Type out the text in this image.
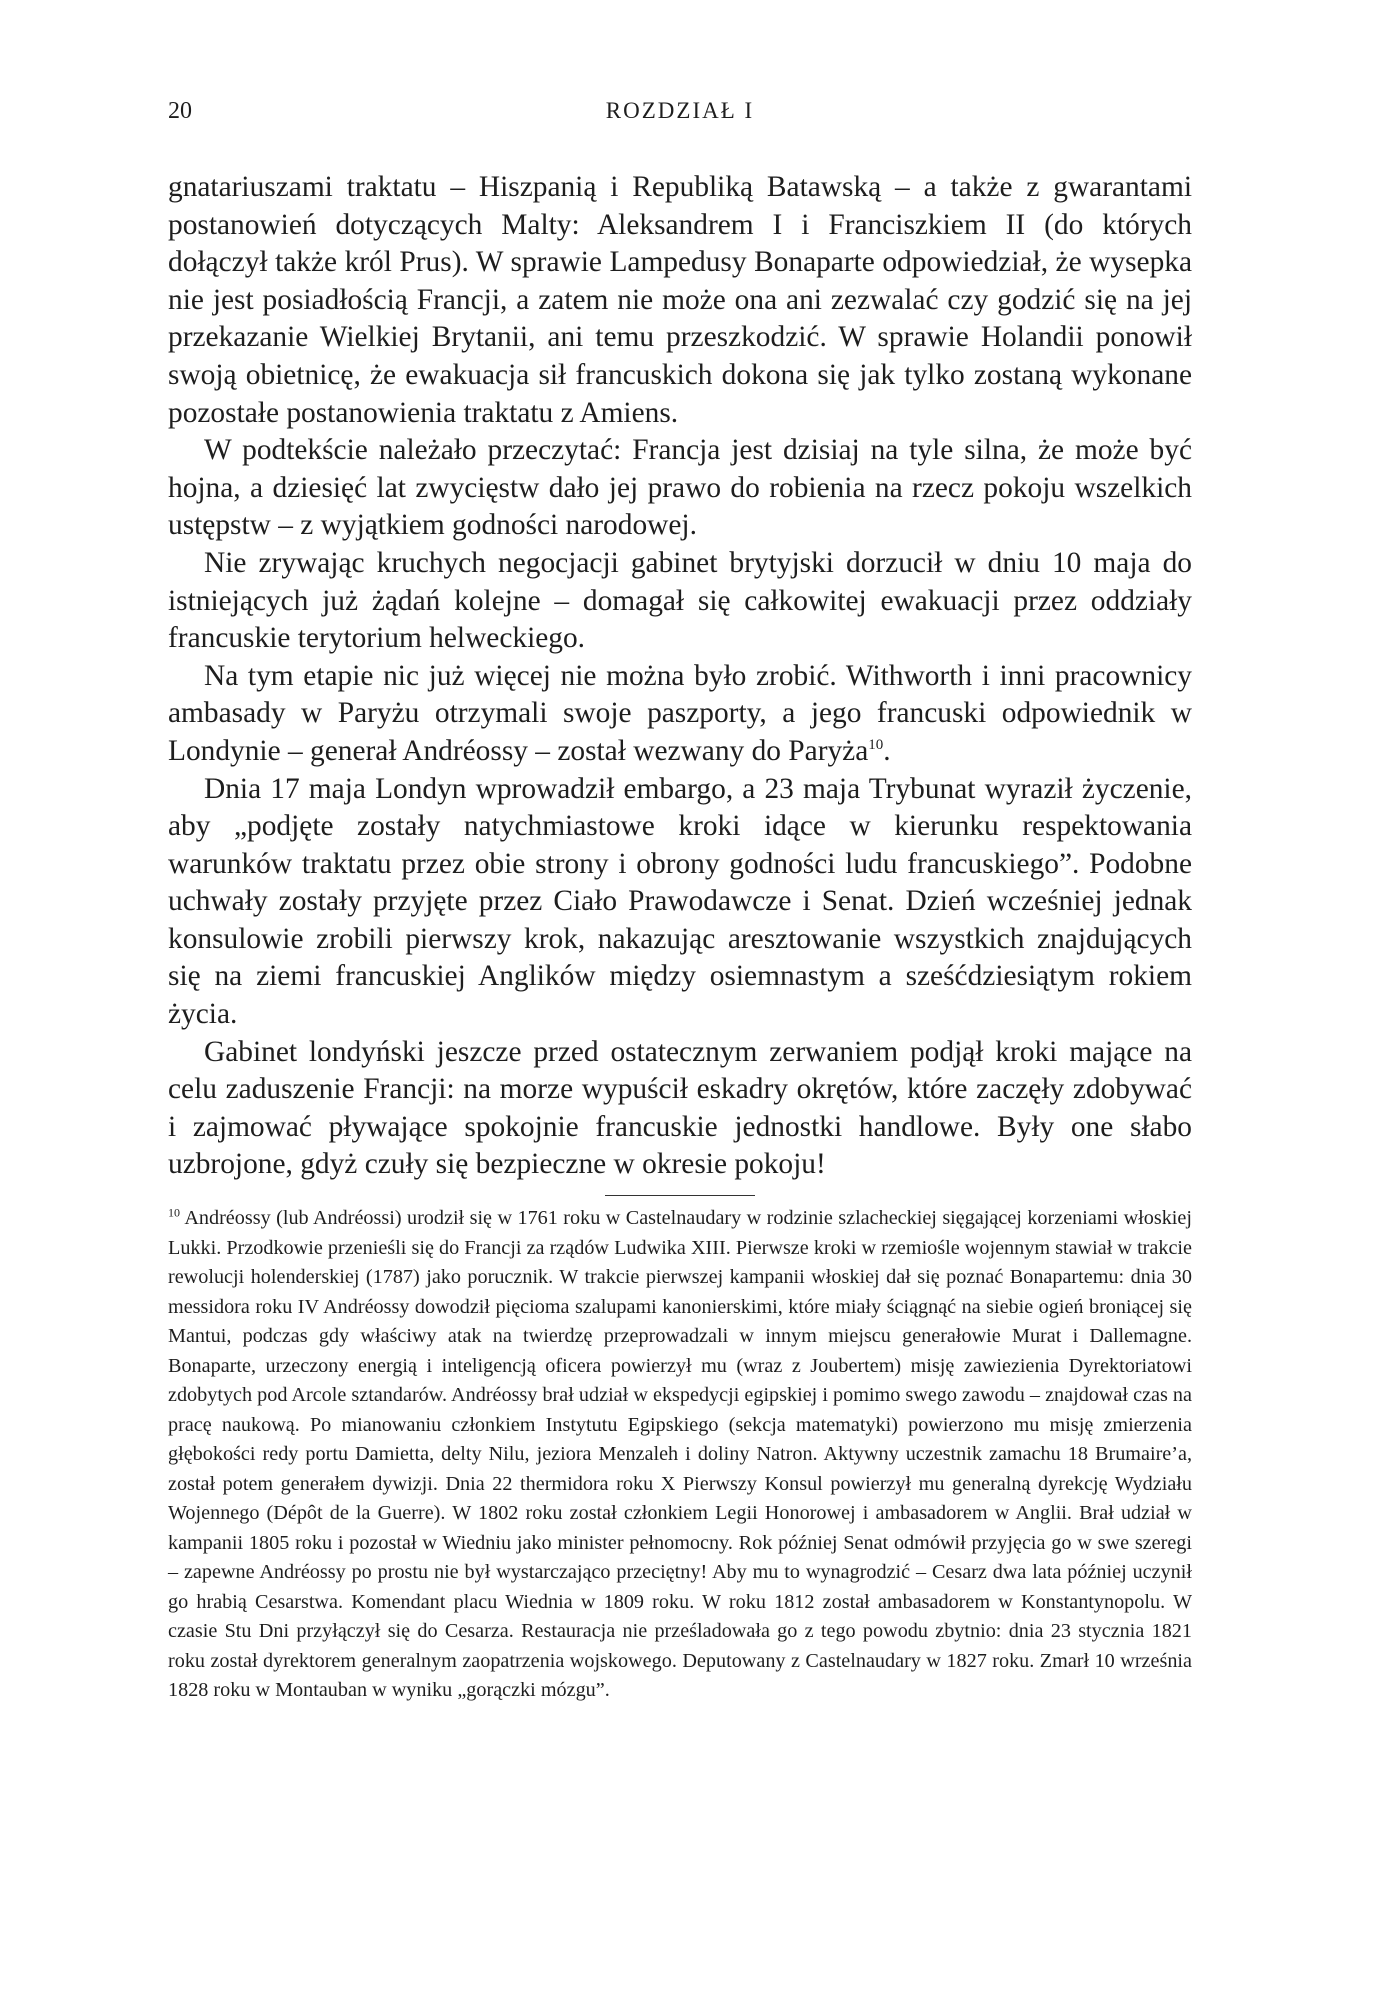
20	ROZDZIAŁ I

gnatariuszami traktatu – Hiszpanią i Republiką Batawską – a także z gwarantami postanowień dotyczących Malty: Aleksandrem I i Franciszkiem II (do których dołączył także król Prus). W sprawie Lampedusy Bonaparte odpowiedział, że wysepka nie jest posiadłością Francji, a zatem nie może ona ani zezwalać czy godzić się na jej przekazanie Wielkiej Brytanii, ani temu przeszkodzić. W sprawie Holandii ponowił swoją obietnicę, że ewakuacja sił francuskich dokona się jak tylko zostaną wykonane pozostałe postanowienia traktatu z Amiens.

W podtekście należało przeczytać: Francja jest dzisiaj na tyle silna, że może być hojna, a dziesięć lat zwycięstw dało jej prawo do robienia na rzecz pokoju wszelkich ustępstw – z wyjątkiem godności narodowej.

Nie zrywając kruchych negocjacji gabinet brytyjski dorzucił w dniu 10 maja do istniejących już żądań kolejne – domagał się całkowitej ewakuacji przez oddziały francuskie terytorium helweckiego.

Na tym etapie nic już więcej nie można było zrobić. Withworth i inni pracownicy ambasady w Paryżu otrzymali swoje paszporty, a jego francuski odpowiednik w Londynie – generał Andréossy – został wezwany do Paryża$^{10}$.

Dnia 17 maja Londyn wprowadził embargo, a 23 maja Trybunat wyraził życzenie, aby „podjęte zostały natychmiastowe kroki idące w kierunku respektowania warunków traktatu przez obie strony i obrony godności ludu francuskiego”. Podobne uchwały zostały przyjęte przez Ciało Prawodawcze i Senat. Dzień wcześniej jednak konsulowie zrobili pierwszy krok, nakazując aresztowanie wszystkich znajdujących się na ziemi francuskiej Anglików między osiemnastym a sześćdziesiątym rokiem życia.

Gabinet londyński jeszcze przed ostatecznym zerwaniem podjął kroki mające na celu zaduszenie Francji: na morze wypuścił eskadry okrętów, które zaczęły zdobywać i zajmować pływające spokojnie francuskie jednostki handlowe. Były one słabo uzbrojone, gdyż czuły się bezpieczne w okresie pokoju!

$^{10}$ Andréossy (lub Andréossi) urodził się w 1761 roku w Castelnaudary w rodzinie szlacheckiej sięgającej korzeniami włoskiej Lukki. Przodkowie przenieśli się do Francji za rządów Ludwika XIII. Pierwsze kroki w rzemiośle wojennym stawiał w trakcie rewolucji holenderskiej (1787) jako porucznik. W trakcie pierwszej kampanii włoskiej dał się poznać Bonapartemu: dnia 30 messidora roku IV Andréossy dowodził pięcioma szalupami kanonierskimi, które miały ściągnąć na siebie ogień broniącej się Mantui, podczas gdy właściwy atak na twierdzę przeprowadzali w innym miejscu generałowie Murat i Dallemagne. Bonaparte, urzeczony energią i inteligencją oficera powierzył mu (wraz z Joubertem) misję zawiezienia Dyrektoriatowi zdobytych pod Arcole sztandarów. Andréossy brał udział w ekspedycji egipskiej i pomimo swego zawodu – znajdował czas na pracę naukową. Po mianowaniu członkiem Instytutu Egipskiego (sekcja matematyki) powierzono mu misję zmierzenia głębokości redy portu Damietta, delty Nilu, jeziora Menzaleh i doliny Natron. Aktywny uczestnik zamachu 18 Brumaire’a, został potem generałem dywizji. Dnia 22 thermidora roku X Pierwszy Konsul powierzył mu generalną dyrekcję Wydziału Wojennego (Dépôt de la Guerre). W 1802 roku został członkiem Legii Honorowej i ambasadorem w Anglii. Brał udział w kampanii 1805 roku i pozostał w Wiedniu jako minister pełnomocny. Rok później Senat odmówił przyjęcia go w swe szeregi – zapewne Andréossy po prostu nie był wystarczająco przeciętny! Aby mu to wynagrodzić – Cesarz dwa lata później uczynił go hrabią Cesarstwa. Komendant placu Wiednia w 1809 roku. W roku 1812 został ambasadorem w Konstantynopolu. W czasie Stu Dni przyłączył się do Cesarza. Restauracja nie prześladowała go z tego powodu zbytnio: dnia 23 stycznia 1821 roku został dyrektorem generalnym zaopatrzenia wojskowego. Deputowany z Castelnaudary w 1827 roku. Zmarł 10 września 1828 roku w Montauban w wyniku „gorączki mózgu”.
